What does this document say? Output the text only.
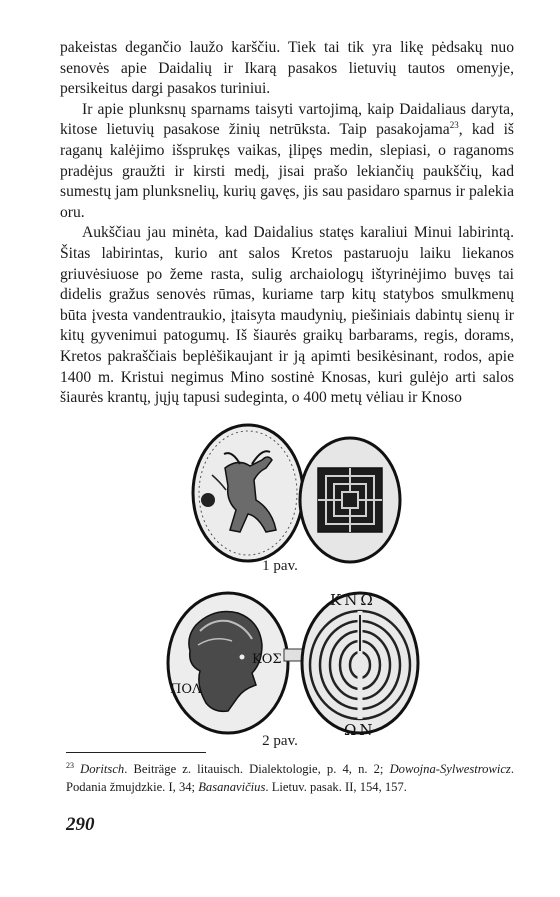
pakeistas degančio laužo karščiu. Tiek tai tik yra likę pėdsakų nuo senovės apie Daidalių ir Ikarą pasakos lietuvių tautos omenyje, persikeitus dargi pasakos turiniui.

Ir apie plunksnų sparnams taisyti vartojimą, kaip Daidaliaus daryta, kitose lietuvių pasakose žinių netrūksta. Taip pasakojama$^{23}$, kad iš raganų kalėjimo išsprukęs vaikas, įlipęs medin, slepiasi, o raganoms pradėjus graužti ir kirsti medį, jisai prašo lekiančių paukščių, kad sumestų jam plunksnelių, kurių gavęs, jis sau pasidaro sparnus ir palekia oru.

Aukščiau jau minėta, kad Daidalius statęs karaliui Minui labirintą. Šitas labirintas, kurio ant salos Kretos pastaruoju laiku liekanos griuvėsiuose po žeme rasta, sulig archaiologų ištyrinėjimo buvęs tai didelis gražus senovės rūmas, kuriame tarp kitų statybos smulkmenų būta įvesta vandentraukio, įtaisyta maudynių, piešiniais dabintų sienų ir kitų gyvenimui patogumų. Iš šiaurės graikų barbarams, regis, dorams, Kretos pakraščiais beplėšikaujant ir ją apimti besikėsinant, rodos, apie 1400 m. Kristui negimus Mino sostinė Knosas, kuri gulėjo arti salos šiaurės krantų, jųjų tapusi sudeginta, o 400 metų vėliau ir Knoso

1 pav.
ΚΟΣ
ΠΟΛ
ΚΝΩ
ΩΝ
2 pav.
$^{23}$ Doritsch. Beiträge z. litauisch. Dialektologie, p. 4, n. 2; Dowojna-Sylwestrowicz. Podania žmujdzkie. I, 34; Basanavičius. Lietuv. pasak. II, 154, 157.
290
